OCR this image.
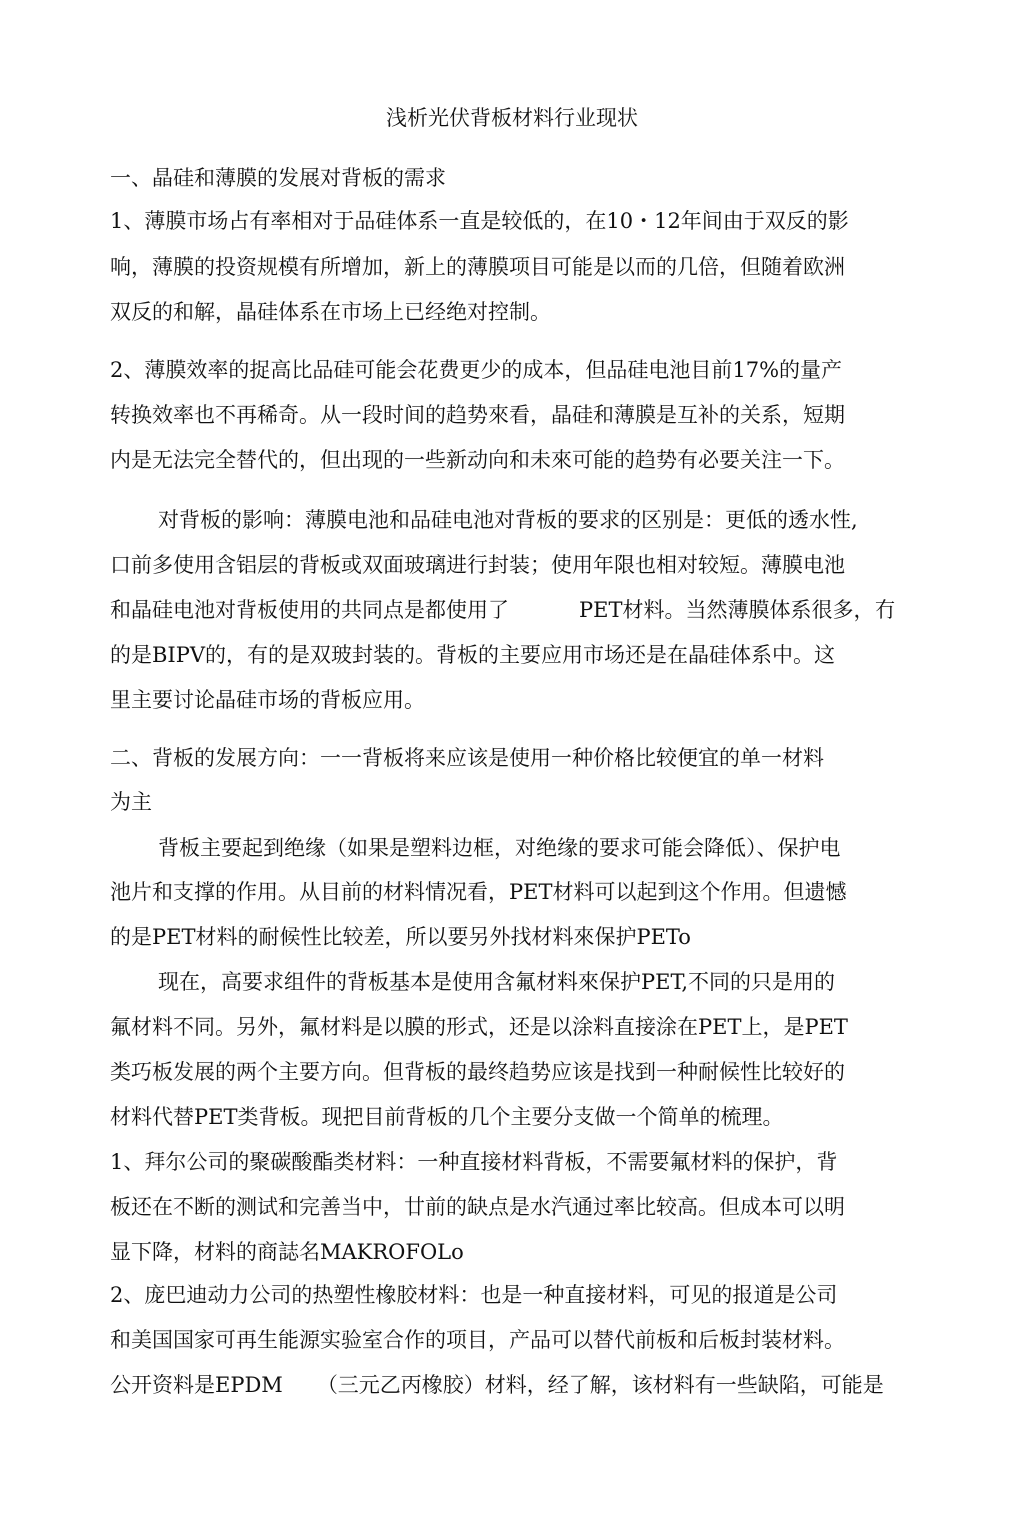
浅析光伏背板材料行业现状
一、晶硅和薄膜的发展对背板的需求
1、薄膜市场占有率相对于品硅体系一直是较低的，在10・12年间由于双反的影
响，薄膜的投资规模有所增加，新上的薄膜项目可能是以而的几倍，但随着欧洲
双反的和解，晶硅体系在市场上已经绝对控制。
2、薄膜效率的捉高比品硅可能会花费更少的成本，但品硅电池目前17%的量产
转换效率也不再稀奇。从一段时间的趋势來看，晶硅和薄膜是互补的关系，短期
内是无法完全替代的，但出现的一些新动向和未來可能的趋势有必要关注一下。
对背板的影响：薄膜电池和品硅电池对背板的要求的区别是：更低的透水性,
口前多使用含铝层的背板或双面玻璃进行封装；使用年限也相对较短。薄膜电池
和晶硅电池对背板使用的共同点是都使用了	PET材料。当然薄膜体系很多，冇
的是BIPV的，有的是双玻封装的。背板的主要应用市场还是在晶硅体系中。这
里主要讨论晶硅市场的背板应用。
二、背板的发展方向：一一背板将来应该是使用一种价格比较便宜的单一材料
为主
背板主要起到绝缘（如果是塑料边框，对绝缘的要求可能会降低）、保护电
池片和支撑的作用。从目前的材料情况看，PET材料可以起到这个作用。但遗憾
的是PET材料的耐候性比较差，所以要另外找材料來保护PETo
现在，高要求组件的背板基本是使用含氟材料來保护PET,不同的只是用的
氟材料不同。另外，氟材料是以膜的形式，还是以涂料直接涂在PET上，是PET
类巧板发展的两个主要方向。但背板的最终趋势应该是找到一种耐候性比较好的
材料代替PET类背板。现把目前背板的几个主要分支做一个简单的梳理。
1、拜尔公司的聚碳酸酯类材料：一种直接材料背板，不需要氟材料的保护，背
板还在不断的测试和完善当中，廿前的缺点是水汽通过率比较高。但成本可以明
显下降，材料的商誌名MAKROFOLo
2、庞巴迪动力公司的热塑性橡胶材料：也是一种直接材料，可见的报道是公司
和美国国家可再生能源实验室合作的项目，产品可以替代前板和后板封装材料。
公开资料是EPDM （三元乙丙橡胶）材料，经了解，该材料有一些缺陷，可能是
